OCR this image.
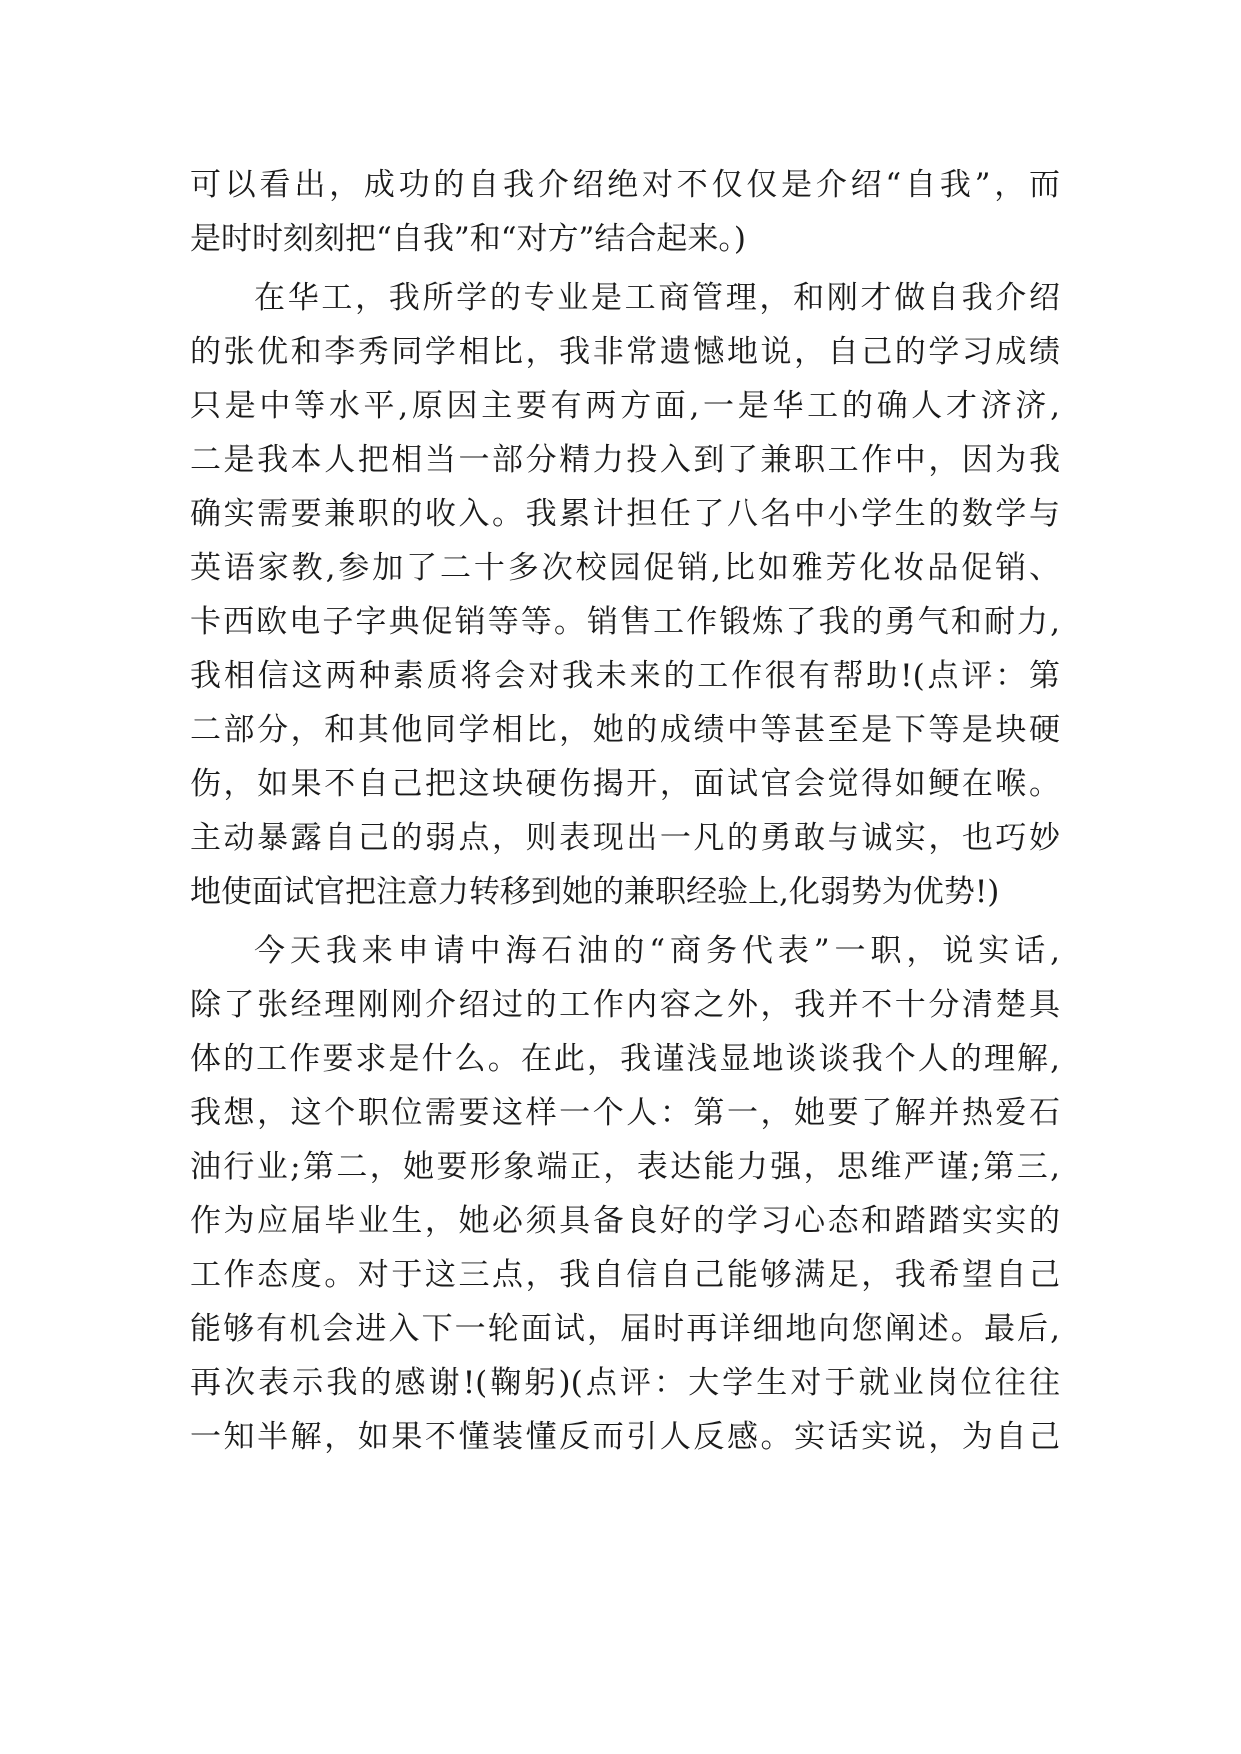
可以看出，成功的自我介绍绝对不仅仅是介绍“自我”，而
是时时刻刻把“自我”和“对方”结合起来。)
在华工，我所学的专业是工商管理，和刚才做自我介绍
的张优和李秀同学相比，我非常遗憾地说，自己的学习成绩
只是中等水平,原因主要有两方面,一是华工的确人才济济,
二是我本人把相当一部分精力投入到了兼职工作中，因为我
确实需要兼职的收入。我累计担任了八名中小学生的数学与
英语家教,参加了二十多次校园促销,比如雅芳化妆品促销、
卡西欧电子字典促销等等。销售工作锻炼了我的勇气和耐力,
我相信这两种素质将会对我未来的工作很有帮助!(点评：第
二部分，和其他同学相比，她的成绩中等甚至是下等是块硬
伤，如果不自己把这块硬伤揭开，面试官会觉得如鲠在喉。
主动暴露自己的弱点，则表现出一凡的勇敢与诚实，也巧妙
地使面试官把注意力转移到她的兼职经验上,化弱势为优势!)
今天我来申请中海石油的“商务代表”一职，说实话,
除了张经理刚刚介绍过的工作内容之外，我并不十分清楚具
体的工作要求是什么。在此，我谨浅显地谈谈我个人的理解,
我想，这个职位需要这样一个人：第一，她要了解并热爱石
油行业;第二，她要形象端正，表达能力强，思维严谨;第三,
作为应届毕业生，她必须具备良好的学习心态和踏踏实实的
工作态度。对于这三点，我自信自己能够满足，我希望自己
能够有机会进入下一轮面试，届时再详细地向您阐述。最后,
再次表示我的感谢!(鞠躬)(点评：大学生对于就业岗位往往
一知半解，如果不懂装懂反而引人反感。实话实说，为自己
